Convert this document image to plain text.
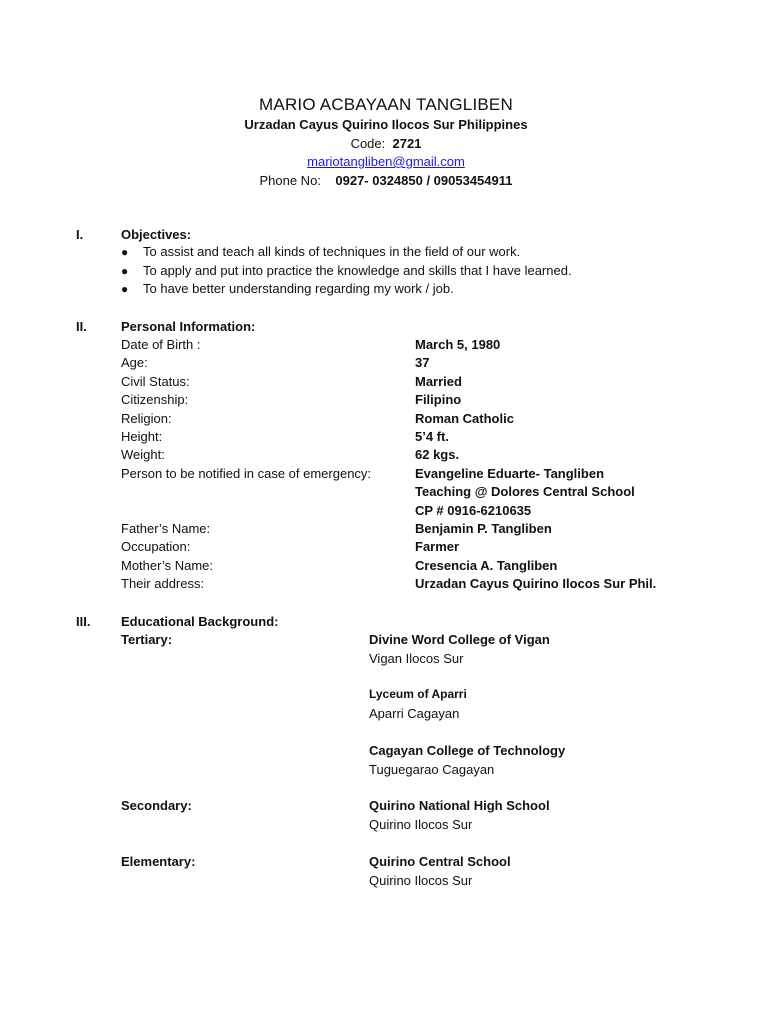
MARIO ACBAYAAN TANGLIBEN
Urzadan Cayus Quirino Ilocos Sur Philippines
Code: 2721
mariotangliben@gmail.com
Phone No: 0927- 0324850 / 09053454911
I.	Objectives:
● To assist and teach all kinds of techniques in the field of our work.
● To apply and put into practice the knowledge and skills that I have learned.
● To have better understanding regarding my work / job.
II.	Personal Information:
Date of Birth :	March 5, 1980
Age:	37
Civil Status:	Married
Citizenship:	Filipino
Religion:	Roman Catholic
Height:	5’4 ft.
Weight:	62 kgs.
Person to be notified in case of emergency:	Evangeline Eduarte- Tangliben
Teaching @ Dolores Central School
CP # 0916-6210635
Father’s Name:	Benjamin P. Tangliben
Occupation:	Farmer
Mother’s Name:	Cresencia A. Tangliben
Their address:	Urzadan Cayus Quirino Ilocos Sur Phil.
III. Educational Background:
Tertiary:	Divine Word College of Vigan
Vigan Ilocos Sur
Lyceum of Aparri
Aparri Cagayan
Cagayan College of Technology
Tuguegarao Cagayan
Secondary:	Quirino National High School
Quirino Ilocos Sur
Elementary:	Quirino Central School
Quirino Ilocos Sur
